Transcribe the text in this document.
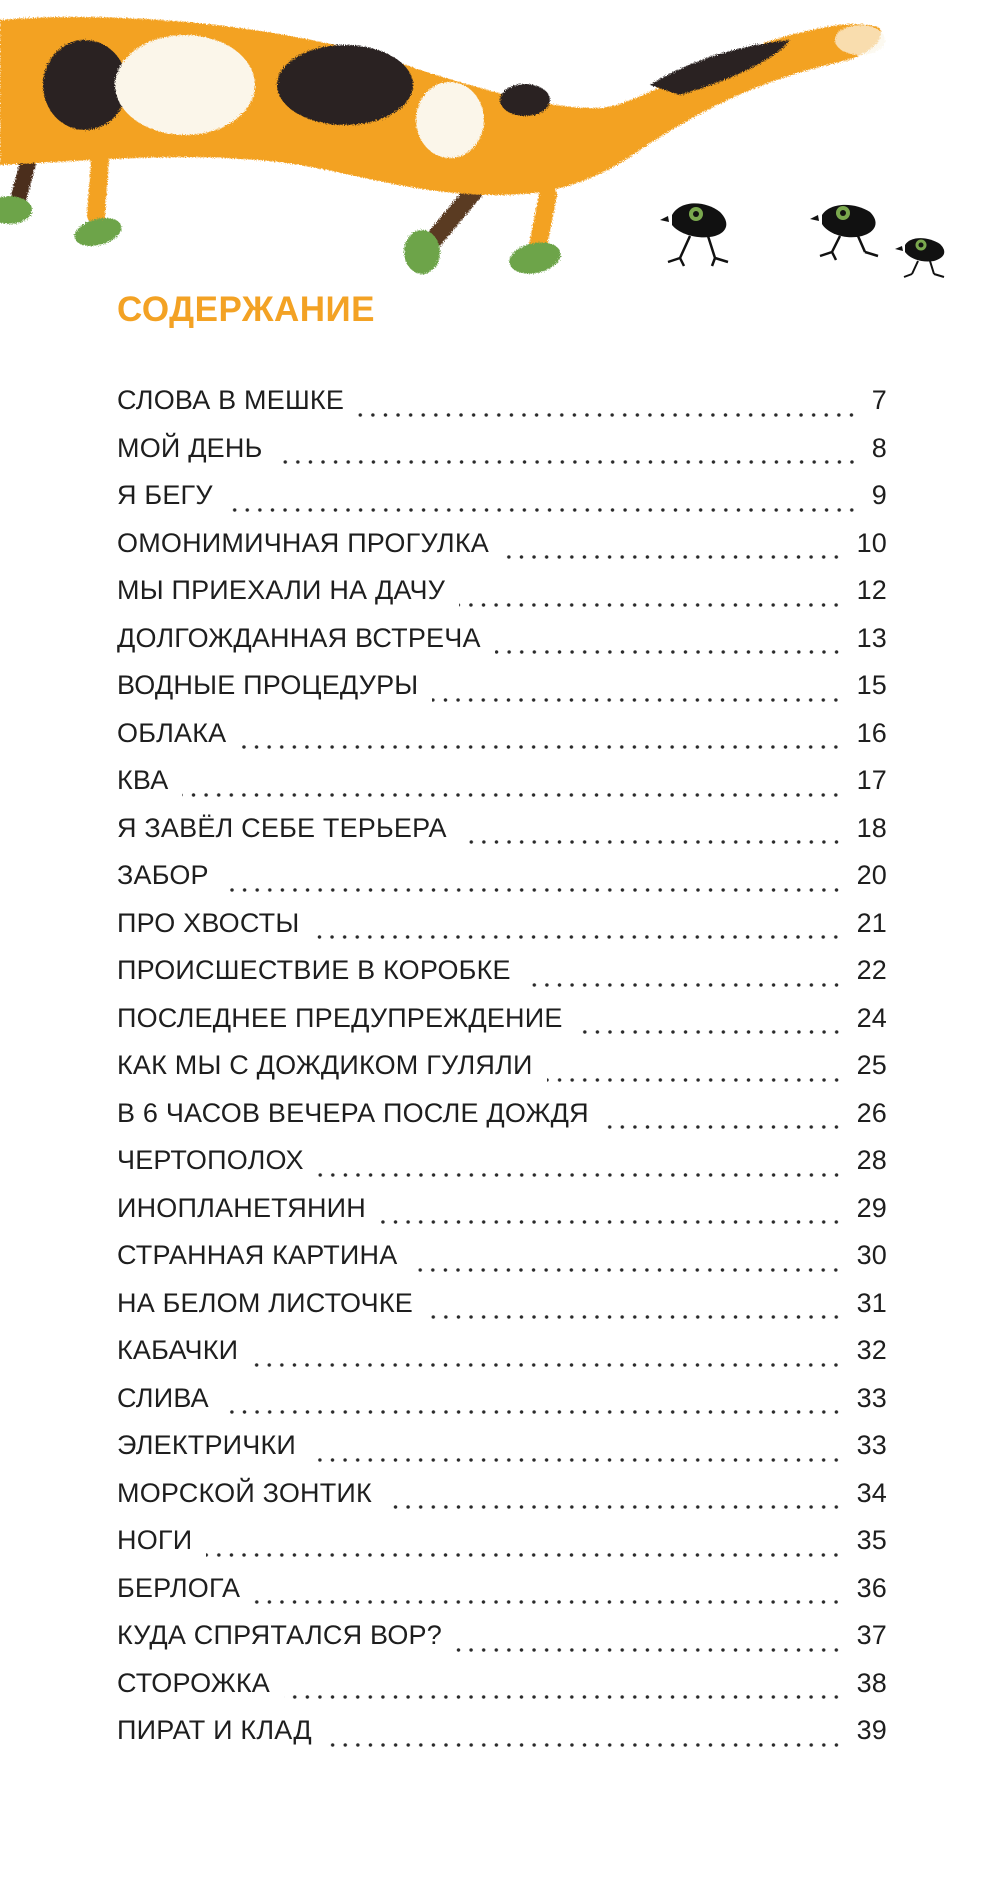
СОДЕРЖАНИЕ
СЛОВА В МЕШКЕ	7
МОЙ ДЕНЬ	8
Я БЕГУ	9
ОМОНИМИЧНАЯ ПРОГУЛКА	10
МЫ ПРИЕХАЛИ НА ДАЧУ	12
ДОЛГОЖДАННАЯ ВСТРЕЧА	13
ВОДНЫЕ ПРОЦЕДУРЫ	15
ОБЛАКА	16
КВА	17
Я ЗАВЁЛ СЕБЕ ТЕРЬЕРА	18
ЗАБОР	20
ПРО ХВОСТЫ	21
ПРОИСШЕСТВИЕ В КОРОБКЕ	22
ПОСЛЕДНЕЕ ПРЕДУПРЕЖДЕНИЕ	24
КАК МЫ С ДОЖДИКОМ ГУЛЯЛИ	25
В 6 ЧАСОВ ВЕЧЕРА ПОСЛЕ ДОЖДЯ	26
ЧЕРТОПОЛОХ	28
ИНОПЛАНЕТЯНИН	29
СТРАННАЯ КАРТИНА	30
НА БЕЛОМ ЛИСТОЧКЕ	31
КАБАЧКИ	32
СЛИВА	33
ЭЛЕКТРИЧКИ	33
МОРСКОЙ ЗОНТИК	34
НОГИ	35
БЕРЛОГА	36
КУДА СПРЯТАЛСЯ ВОР?	37
СТОРОЖКА	38
ПИРАТ И КЛАД	39
